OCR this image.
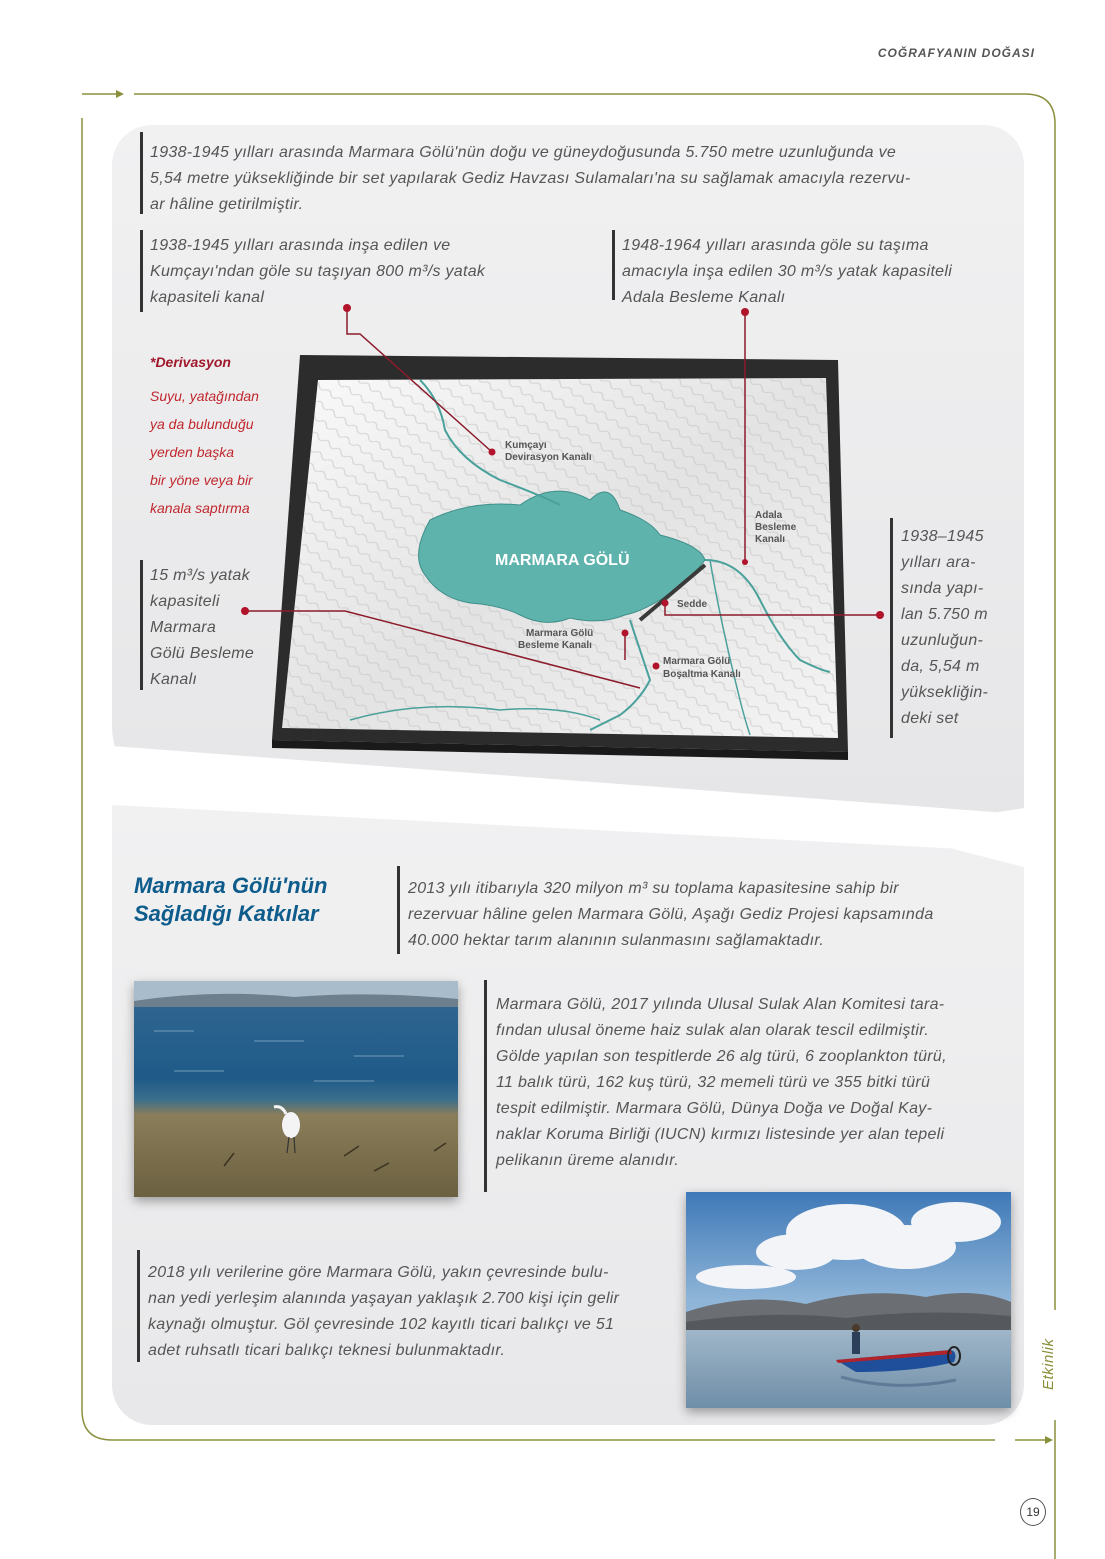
COĞRAFYANIN DOĞASI
1938-1945 yılları arasında Marmara Gölü'nün doğu ve güneydoğusunda 5.750 metre uzunluğunda ve
5,54 metre yüksekliğinde bir set yapılarak Gediz Havzası Sulamaları'na su sağlamak amacıyla rezervu-
ar hâline getirilmiştir.
1938-1945 yılları arasında inşa edilen ve
Kumçayı'ndan göle su taşıyan 800 m³/s yatak
kapasiteli kanal
1948-1964 yılları arasında göle su taşıma
amacıyla inşa edilen 30 m³/s yatak kapasiteli
Adala Besleme Kanalı
*Derivasyon
Suyu, yatağından
ya da bulunduğu
yerden başka
bir yöne veya bir
kanala saptırma
15 m³/s yatak
kapasiteli
Marmara
Gölü Besleme
Kanalı
1938–1945
yılları ara-
sında yapı-
lan 5.750 m
uzunluğun-
da, 5,54 m
yüksekliğin-
deki set
MARMARA GÖLÜ
Kumçayı
Devirasyon Kanalı
Adala
Besleme
Kanalı
Sedde
Marmara Gölü
Besleme Kanalı
Marmara Gölü
Boşaltma Kanalı
Marmara Gölü'nün
Sağladığı Katkılar
2013 yılı itibarıyla 320 milyon m³ su toplama kapasitesine sahip bir
rezervuar hâline gelen Marmara Gölü, Aşağı Gediz Projesi kapsamında
40.000 hektar tarım alanının sulanmasını sağlamaktadır.
Marmara Gölü, 2017 yılında Ulusal Sulak Alan Komitesi tara-
fından ulusal öneme haiz sulak alan olarak tescil edilmiştir.
Gölde yapılan son tespitlerde 26 alg türü, 6 zooplankton türü,
11 balık türü, 162 kuş türü, 32 memeli türü ve 355 bitki türü
tespit edilmiştir. Marmara Gölü, Dünya Doğa ve Doğal Kay-
naklar Koruma Birliği (IUCN) kırmızı listesinde yer alan tepeli
pelikanın üreme alanıdır.
2018 yılı verilerine göre Marmara Gölü, yakın çevresinde bulu-
nan yedi yerleşim alanında yaşayan yaklaşık 2.700 kişi için gelir
kaynağı olmuştur. Göl çevresinde 102 kayıtlı ticari balıkçı ve 51
adet ruhsatlı ticari balıkçı teknesi bulunmaktadır.	Etkinlik
19
